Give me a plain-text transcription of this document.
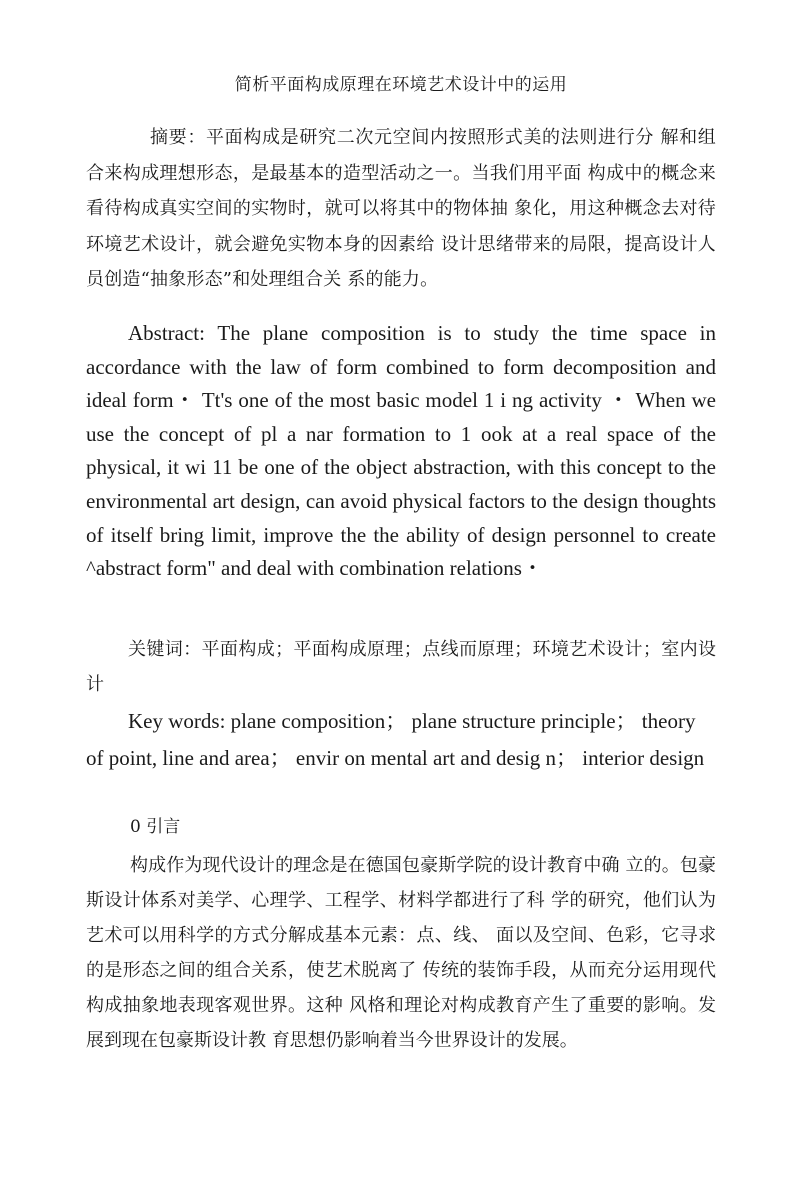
简析平面构成原理在环境艺术设计中的运用

摘要：平面构成是研究二次元空间内按照形式美的法则进行分 解和组合来构成理想形态，是最基本的造型活动之一。当我们用平面 构成中的概念来看待构成真实空间的实物时，就可以将其中的物体抽 象化，用这种概念去对待环境艺术设计，就会避免实物本身的因素给 设计思绪带来的局限，提高设计人员创造“抽象形态”和处理组合关 系的能力。

Abstract: The plane composition is to study the time space in accordance with the law of form combined to form decomposition and ideal form・ Tt's one of the most basic model 1 i ng activity ・ When we use the concept of pl a nar formation to 1 ook at a real space of the physical, it wi 11 be one of the object abstraction, with this concept to the environmental art design, can avoid physical factors to the design thoughts of itself bring limit, improve the the ability of design personnel to create ^abstract form" and deal with combination relations・

关键词：平面构成；平面构成原理；点线而原理；环境艺术设计；室内设计

Key words: plane composition； plane structure principle； theory of point, line and area； envir on mental art and desig n； interior design

0 引言

构成作为现代设计的理念是在德国包豪斯学院的设计教育中确 立的。包豪斯设计体系对美学、心理学、工程学、材料学都进行了科 学的研究，他们认为艺术可以用科学的方式分解成基本元素：点、线、 面以及空间、色彩，它寻求的是形态之间的组合关系，使艺术脱离了 传统的装饰手段，从而充分运用现代构成抽象地表现客观世界。这种 风格和理论对构成教育产生了重要的影响。发展到现在包豪斯设计教 育思想仍影响着当今世界设计的发展。
